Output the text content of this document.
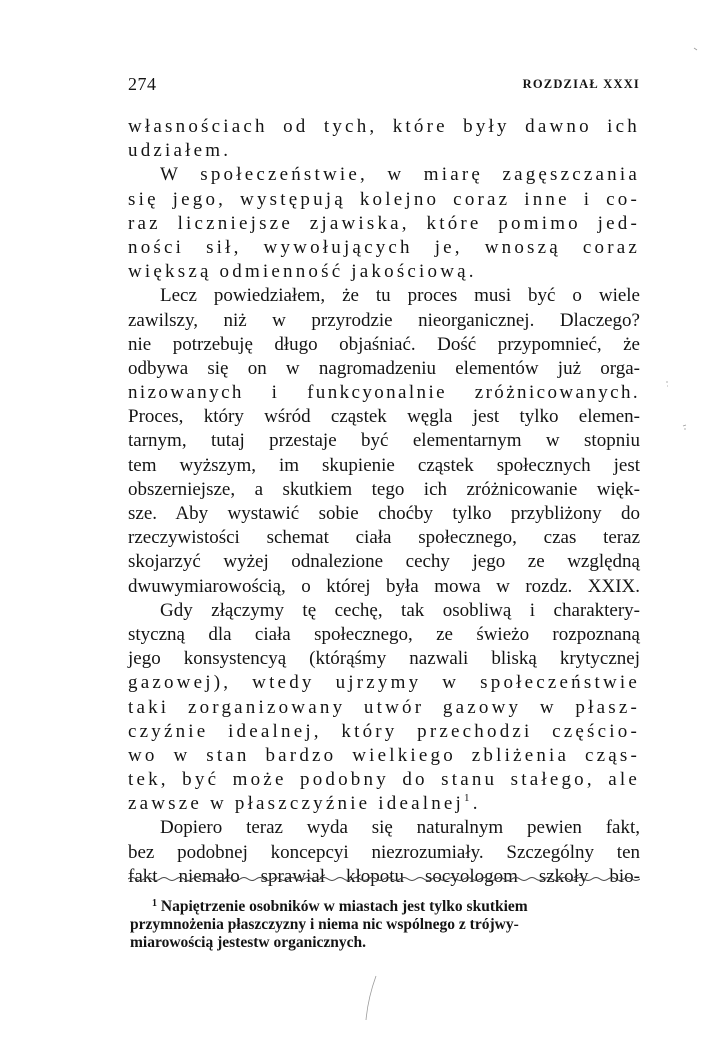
274	ROZDZIAŁ XXXI
własnościach od tych, które były dawno ich
udziałem.
W społeczeństwie, w miarę zagęszczania
się jego, występują kolejno coraz inne i co-
raz liczniejsze zjawiska, które pomimo jed-
ności sił, wywołujących je, wnoszą coraz
większą odmienność jakościową.
Lecz powiedziałem, że tu proces musi być o wiele
zawilszy, niż w przyrodzie nieorganicznej. Dlaczego?
nie potrzebuję długo objaśniać. Dość przypomnieć, że
odbywa się on w nagromadzeniu elementów już orga-
nizowanych i funkcyonalnie zróżnicowanych.
Proces, który wśród cząstek węgla jest tylko elemen-
tarnym, tutaj przestaje być elementarnym w stopniu
tem wyższym, im skupienie cząstek społecznych jest
obszerniejsze, a skutkiem tego ich zróżnicowanie więk-
sze. Aby wystawić sobie choćby tylko przybliżony do
rzeczywistości schemat ciała społecznego, czas teraz
skojarzyć wyżej odnalezione cechy jego ze względną
dwuwymiarowością, o której była mowa w rozdz. XXIX.
Gdy złączymy tę cechę, tak osobliwą i charaktery-
styczną dla ciała społecznego, ze świeżo rozpoznaną
jego konsystencyą (którąśmy nazwali bliską krytycznej
gazowej), wtedy ujrzymy w społeczeństwie
taki zorganizowany utwór gazowy w płasz-
czyźnie idealnej, który przechodzi częścio-
wo w stan bardzo wielkiego zbliżenia cząs-
tek, być może podobny do stanu stałego, ale
zawsze w płaszczyźnie idealnej$^1$.
Dopiero teraz wyda się naturalnym pewien fakt,
bez podobnej koncepcyi niezrozumiały. Szczególny ten
fakt niemało sprawiał kłopotu socyologom szkoły bio-
$^1$ Napiętrzenie osobników w miastach jest tylko skutkiem
przymnożenia płaszczyzny i niema nic wspólnego z trójwy-
miarowością jestestw organicznych.
